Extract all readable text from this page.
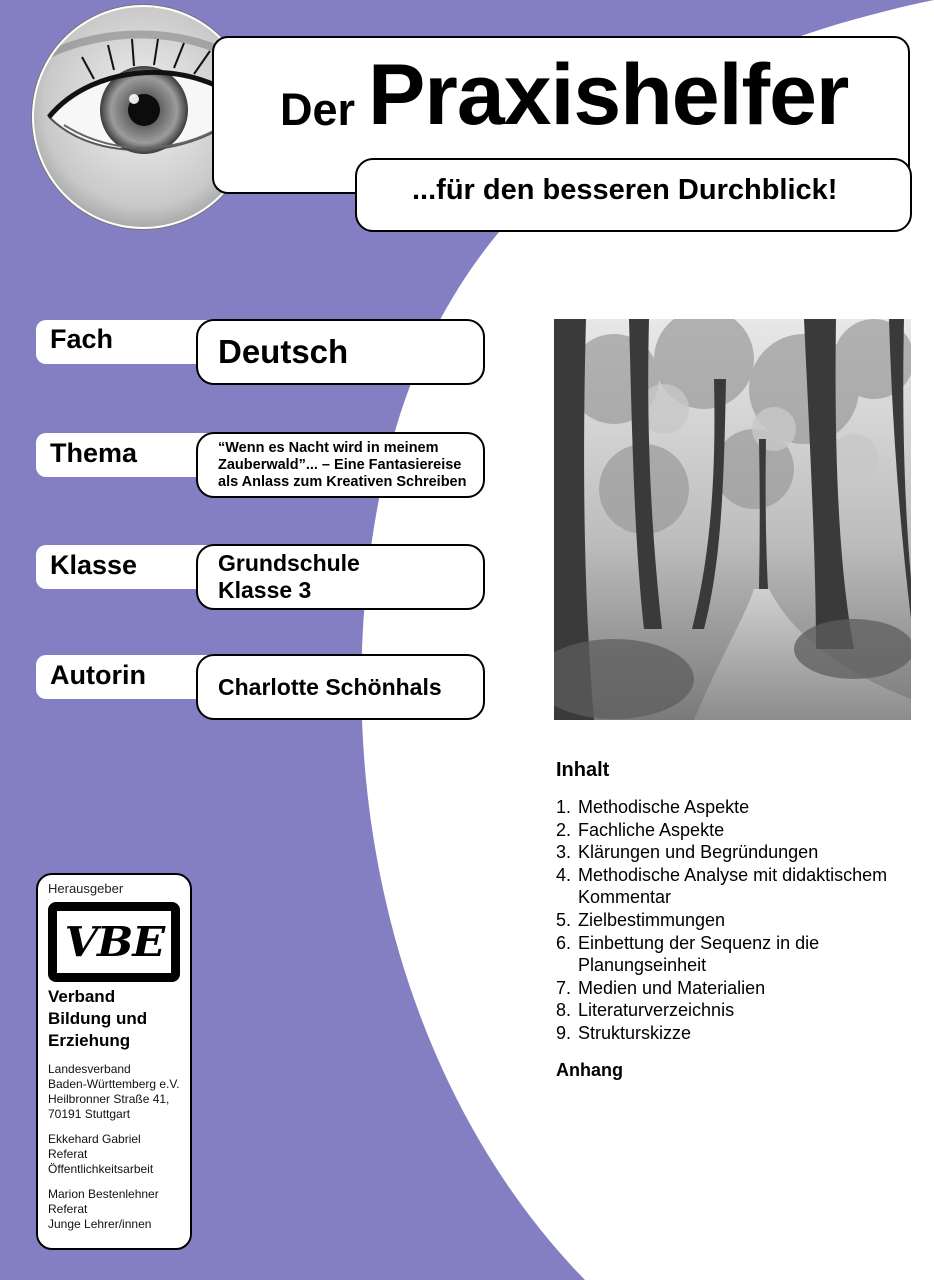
Der Praxishelfer
...für den besseren Durchblick!
Fach	Deutsch
Thema	“Wenn es Nacht wird in meinem
Zauberwald”... – Eine Fantasiereise
als Anlass zum Kreativen Schreiben
Klasse	Grundschule
Klasse 3
Autorin	Charlotte Schönhals
Inhalt
1. Methodische Aspekte
2. Fachliche Aspekte
3. Klärungen und Begründungen
4. Methodische Analyse mit didaktischem
Kommentar
5. Zielbestimmungen
6. Einbettung der Sequenz in die
Planungseinheit
7. Medien und Materialien
8. Literaturverzeichnis
9. Strukturskizze
Anhang
Herausgeber
VBE
Verband
Bildung und
Erziehung
Landesverband
Baden-Württemberg e.V.
Heilbronner Straße 41,
70191 Stuttgart
Ekkehard Gabriel
Referat
Öffentlichkeitsarbeit
Marion Bestenlehner
Referat
Junge Lehrer/innen
